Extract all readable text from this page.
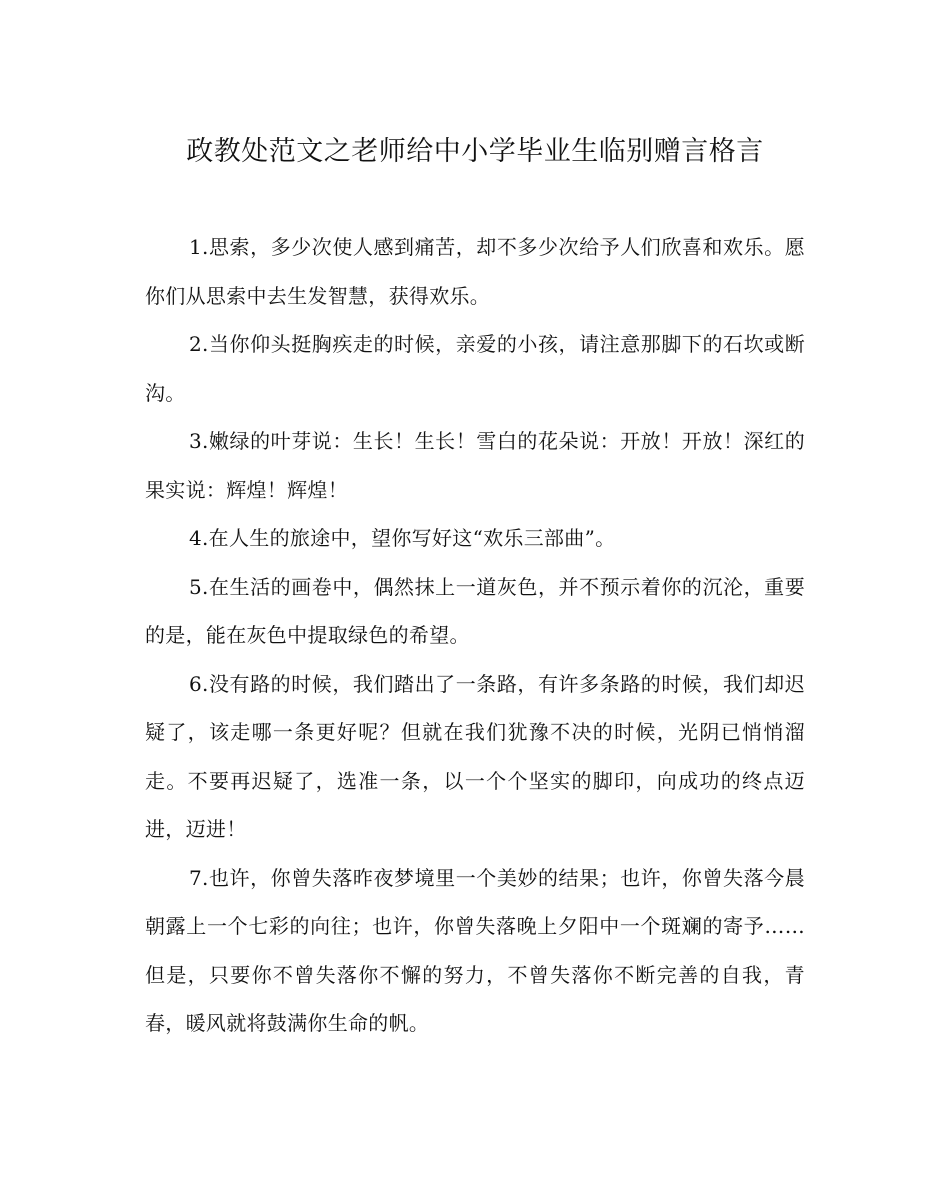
政教处范文之老师给中小学毕业生临别赠言格言

1.思索，多少次使人感到痛苦，却不多少次给予人们欣喜和欢乐。愿你们从思索中去生发智慧，获得欢乐。

2.当你仰头挺胸疾走的时候，亲爱的小孩，请注意那脚下的石坎或断沟。

3.嫩绿的叶芽说：生长！生长！雪白的花朵说：开放！开放！深红的果实说：辉煌！辉煌！

4.在人生的旅途中，望你写好这“欢乐三部曲”。

5.在生活的画卷中，偶然抹上一道灰色，并不预示着你的沉沦，重要的是，能在灰色中提取绿色的希望。

6.没有路的时候，我们踏出了一条路，有许多条路的时候，我们却迟疑了，该走哪一条更好呢？但就在我们犹豫不决的时候，光阴已悄悄溜走。不要再迟疑了，选准一条，以一个个坚实的脚印，向成功的终点迈进，迈进！

7.也许，你曾失落昨夜梦境里一个美妙的结果；也许，你曾失落今晨朝露上一个七彩的向往；也许，你曾失落晚上夕阳中一个斑斓的寄予……但是，只要你不曾失落你不懈的努力，不曾失落你不断完善的自我，青春，暖风就将鼓满你生命的帆。
